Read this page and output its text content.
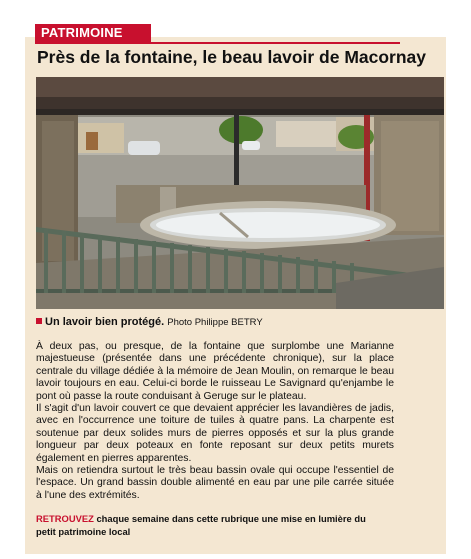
PATRIMOINE
Près de la fontaine, le beau lavoir de Macornay
Un lavoir bien protégé. Photo Philippe BETRY

À deux pas, ou presque, de la fontaine que surplombe une Marianne majestueuse (présentée dans une précédente chronique), sur la place centrale du village dédiée à la mémoire de Jean Moulin, on remarque le beau lavoir toujours en eau. Celui-ci borde le ruisseau Le Savignard qu'enjambe le pont où passe la route conduisant à Geruge sur le plateau.

Il s'agit d'un lavoir couvert ce que devaient apprécier les lavandières de jadis, avec en l'occurrence une toiture de tuiles à quatre pans. La charpente est soutenue par deux solides murs de pierres opposés et sur la plus grande longueur par deux poteaux en fonte reposant sur deux petits murets également en pierres apparentes.

Mais on retiendra surtout le très beau bassin ovale qui occupe l'essentiel de l'espace. Un grand bassin double alimenté en eau par une pile carrée située à l'une des extrémités.

RETROUVEZ chaque semaine dans cette rubrique une mise en lumière du petit patrimoine local
